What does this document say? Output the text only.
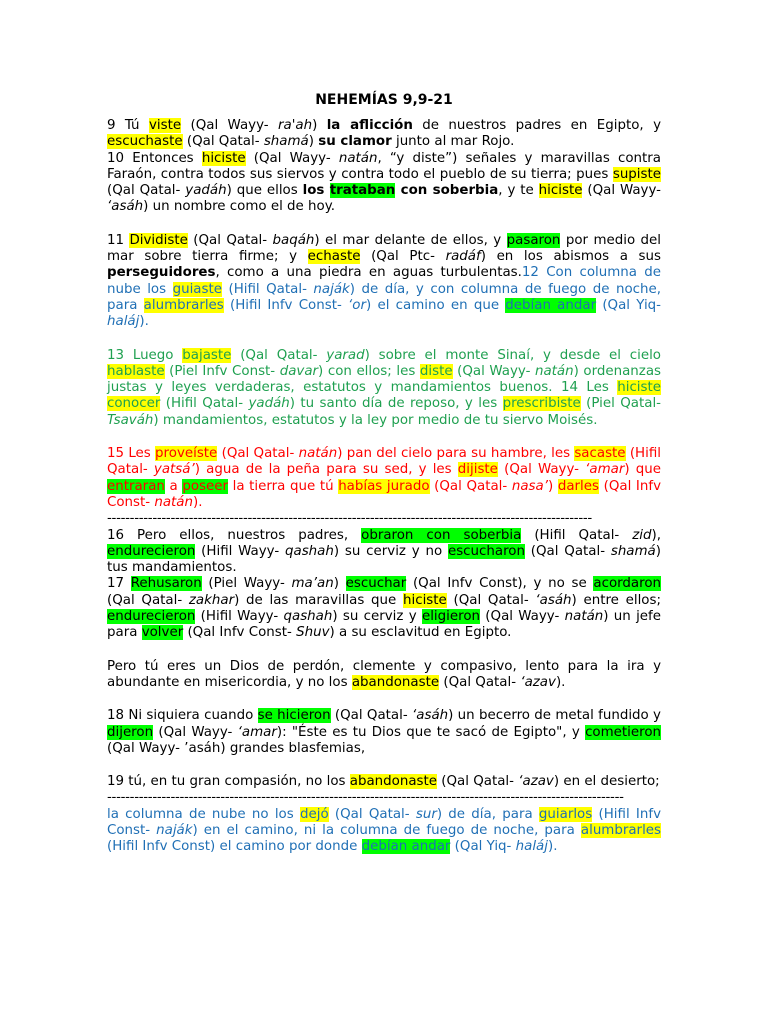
NEHEMÍAS 9,9-21

9 Tú viste (Qal Wayy- ra'ah) la aflicción de nuestros padres en Egipto, y escuchaste (Qal Qatal- shamá) su clamor junto al mar Rojo.

10 Entonces hiciste (Qal Wayy- natán, “y diste”) señales y maravillas contra Faraón, contra todos sus siervos y contra todo el pueblo de su tierra; pues supiste (Qal Qatal- yadáh) que ellos los trataban con soberbia, y te hiciste (Qal Wayy- ‘asáh) un nombre como el de hoy.

11 Dividiste (Qal Qatal- baqáh) el mar delante de ellos, y pasaron por medio del mar sobre tierra firme; y echaste (Qal Ptc- radáf) en los abismos a sus perseguidores, como a una piedra en aguas turbulentas.12 Con columna de nube los guiaste (Hifil Qatal- naják) de día, y con columna de fuego de noche, para alumbrarles (Hifil Infv Const- ‘or) el camino en que debían andar (Qal Yiq- haláj).

13 Luego bajaste (Qal Qatal- yarad) sobre el monte Sinaí, y desde el cielo hablaste (Piel Infv Const- davar) con ellos; les diste (Qal Wayy- natán) ordenanzas justas y leyes verdaderas, estatutos y mandamientos buenos. 14 Les hiciste conocer (Hifil Qatal- yadáh) tu santo día de reposo, y les prescribiste (Piel Qatal- Tsaváh) mandamientos, estatutos y la ley por medio de tu siervo Moisés.

15 Les proveíste (Qal Qatal- natán) pan del cielo para su hambre, les sacaste (Hifil Qatal- yatsá’) agua de la peña para su sed, y les dijiste (Qal Wayy- ‘amar) que entraran a poseer la tierra que tú habías jurado (Qal Qatal- nasa’) darles (Qal Infv Const- natán).

-----------------------------------------------------------------------------------------------------------

16 Pero ellos, nuestros padres, obraron con soberbia (Hifil Qatal- zid), endurecieron (Hifil Wayy- qashah) su cerviz y no escucharon (Qal Qatal- shamá) tus mandamientos.

17 Rehusaron (Piel Wayy- ma’an) escuchar (Qal Infv Const), y no se acordaron (Qal Qatal- zakhar) de las maravillas que hiciste (Qal Qatal- ‘asáh) entre ellos; endurecieron (Hifil Wayy- qashah) su cerviz y eligieron (Qal Wayy- natán) un jefe para volver (Qal Infv Const- Shuv) a su esclavitud en Egipto.

Pero tú eres un Dios de perdón, clemente y compasivo, lento para la ira y abundante en misericordia, y no los abandonaste (Qal Qatal- ‘azav).

18 Ni siquiera cuando se hicieron (Qal Qatal- ‘asáh) un becerro de metal fundido y dijeron (Qal Wayy- ‘amar): "Éste es tu Dios que te sacó de Egipto", y cometieron (Qal Wayy- ’asáh) grandes blasfemias,

19 tú, en tu gran compasión, no los abandonaste (Qal Qatal- ‘azav) en el desierto;

------------------------------------------------------------------------------------------------------------------

la columna de nube no los dejó (Qal Qatal- sur) de día, para guiarlos (Hifil Infv Const- naják) en el camino, ni la columna de fuego de noche, para alumbrarles (Hifil Infv Const) el camino por donde debían andar (Qal Yiq- haláj).
